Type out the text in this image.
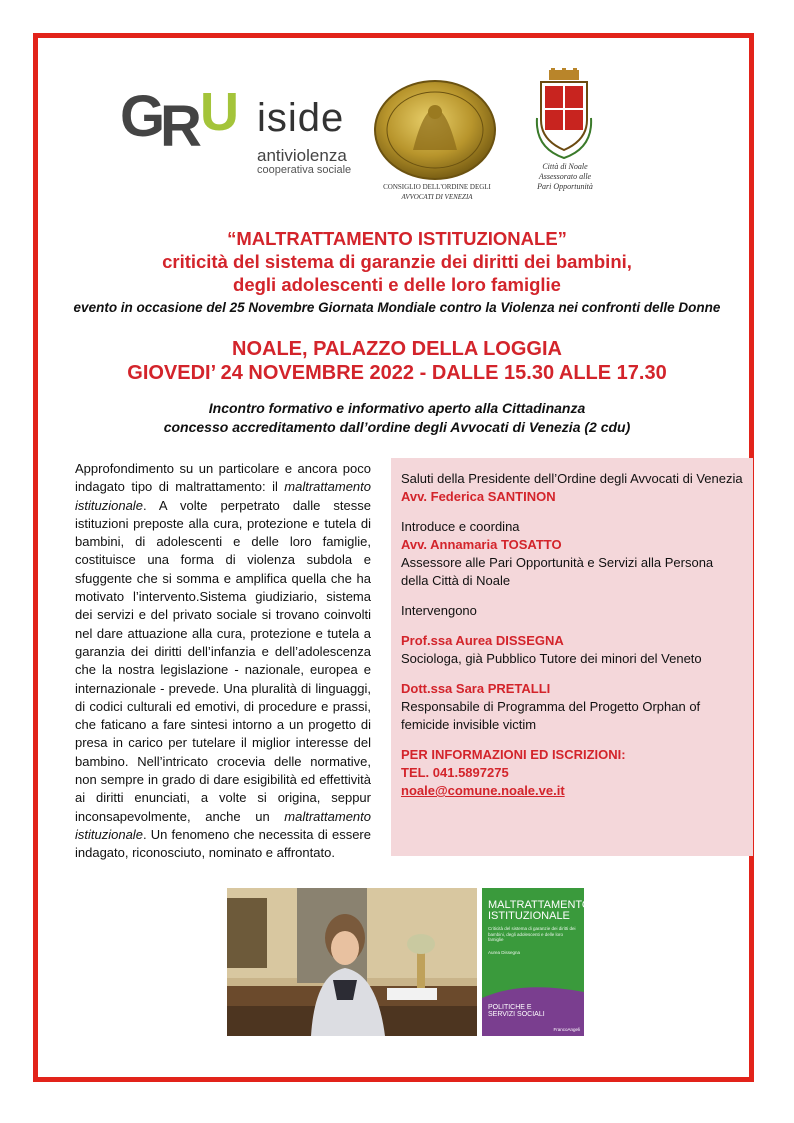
G
R
U iside
antiviolenza
cooperativa sociale
CONSIGLIO DELL'ORDINE DEGLI
AVVOCATI DI VENEZIA
Città di Noale
Assessorato alle
Pari Opportunità
“MALTRATTAMENTO ISTITUZIONALE”
criticità del sistema di garanzie dei diritti dei bambini,
degli adolescenti e delle loro famiglie
evento in occasione del 25 Novembre Giornata Mondiale contro la Violenza nei confronti delle Donne
NOALE, PALAZZO DELLA LOGGIA
GIOVEDI’ 24 NOVEMBRE 2022 - DALLE 15.30 ALLE 17.30
Incontro formativo e informativo aperto alla Cittadinanza
concesso accreditamento dall’ordine degli Avvocati di Venezia (2 cdu)
Approfondimento su un particolare e ancora poco indagato tipo di maltrattamento: il maltrattamento istituzionale. A volte perpetrato dalle stesse istituzioni preposte alla cura, protezione e tutela di bambini, di adolescenti e delle loro famiglie, costituisce una forma di violenza subdola e sfuggente che si somma e amplifica quella che ha motivato l’intervento.Sistema giudiziario, sistema dei servizi e del privato sociale si trovano coinvolti nel dare attuazione alla cura, protezione e tutela a garanzia dei diritti dell’infanzia e dell’adolescenza che la nostra legislazione - nazionale, europea e internazionale - prevede. Una pluralità di linguaggi, di codici culturali ed emotivi, di procedure e prassi, che faticano a fare sintesi intorno a un progetto di presa in carico per tutelare il miglior interesse del bambino. Nell’intricato crocevia delle normative, non sempre in grado di dare esigibilità ed effettività ai diritti enunciati, a volte si origina, seppur inconsapevolmente, anche un maltrattamento istituzionale. Un fenomeno che necessita di essere indagato, riconosciuto, nominato e affrontato.
Saluti della Presidente dell’Ordine degli Avvocati di Venezia
Avv. Federica SANTINON
Introduce e coordina
Avv. Annamaria TOSATTO
Assessore alle Pari Opportunità e Servizi alla Persona della Città di Noale
Intervengono
Prof.ssa Aurea DISSEGNA
Sociologa, già Pubblico Tutore dei minori del Veneto
Dott.ssa Sara PRETALLI
Responsabile di Programma del Progetto Orphan of femicide invisible victim
PER INFORMAZIONI ED ISCRIZIONI:
TEL. 041.5897275
noale@comune.noale.ve.it
MALTRATTAMENTO
ISTITUZIONALE
Criticità del sistema di garanzie dei diritti dei bambini, degli adolescenti e delle loro famiglie
Aurea Dissegna
POLITICHE E SERVIZI SOCIALI
FrancoAngeli
